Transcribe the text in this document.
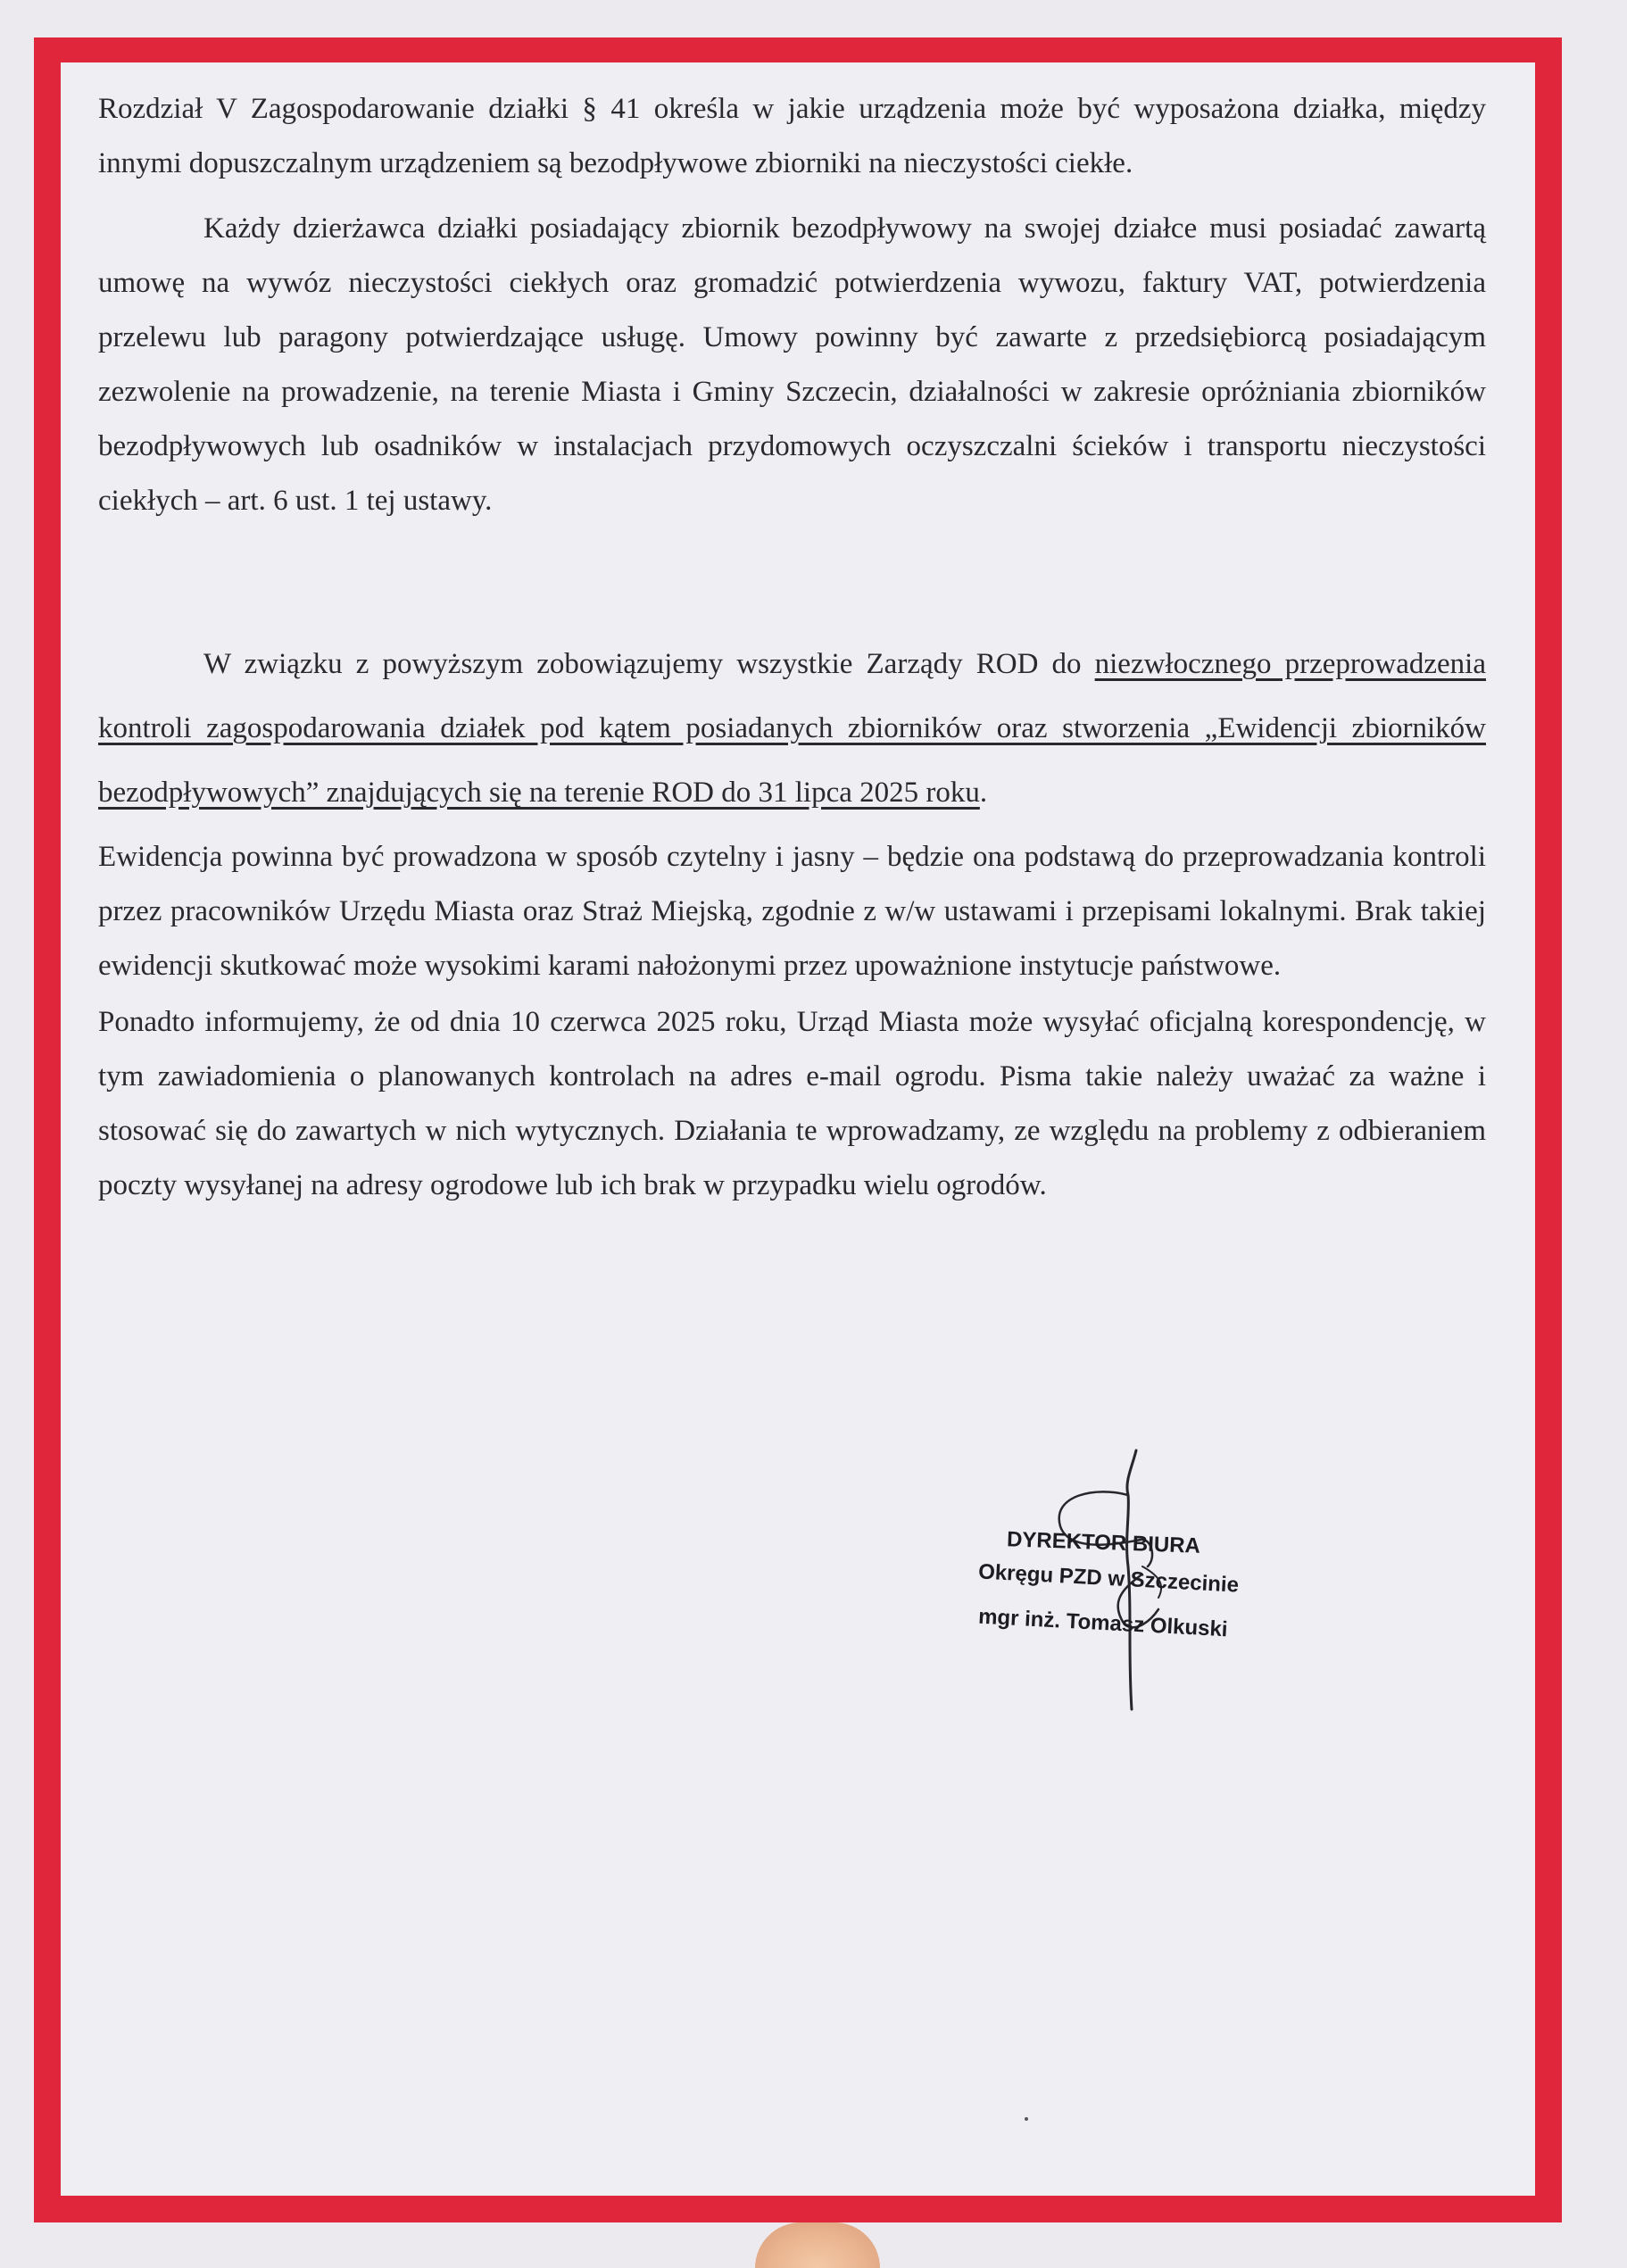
Rozdział V Zagospodarowanie działki § 41 określa w jakie urządzenia może być wyposażona działka, między innymi dopuszczalnym urządzeniem są bezodpływowe zbiorniki na nieczystości ciekłe.

Każdy dzierżawca działki posiadający zbiornik bezodpływowy na swojej działce musi posiadać zawartą umowę na wywóz nieczystości ciekłych oraz gromadzić potwierdzenia wywozu, faktury VAT, potwierdzenia przelewu lub paragony potwierdzające usługę. Umowy powinny być zawarte z przedsiębiorcą posiadającym zezwolenie na prowadzenie, na terenie Miasta i Gminy Szczecin, działalności w zakresie opróżniania zbiorników bezodpływowych lub osadników w instalacjach przydomowych oczyszczalni ścieków i transportu nieczystości ciekłych – art. 6 ust. 1 tej ustawy.

W związku z powyższym zobowiązujemy wszystkie Zarządy ROD do niezwłocznego przeprowadzenia kontroli zagospodarowania działek pod kątem posiadanych zbiorników oraz stworzenia „Ewidencji zbiorników bezodpływowych” znajdujących się na terenie ROD do 31 lipca 2025 roku.

Ewidencja powinna być prowadzona w sposób czytelny i jasny – będzie ona podstawą do przeprowadzania kontroli przez pracowników Urzędu Miasta oraz Straż Miejską, zgodnie z w/w ustawami i przepisami lokalnymi. Brak takiej ewidencji skutkować może wysokimi karami nałożonymi przez upoważnione instytucje państwowe.

Ponadto informujemy, że od dnia 10 czerwca 2025 roku, Urząd Miasta może wysyłać oficjalną korespondencję, w tym zawiadomienia o planowanych kontrolach na adres e-mail ogrodu. Pisma takie należy uważać za ważne i stosować się do zawartych w nich wytycznych. Działania te wprowadzamy, ze względu na problemy z odbieraniem poczty wysyłanej na adresy ogrodowe lub ich brak w przypadku wielu ogrodów.

DYREKTOR BIURA
Okręgu PZD w Szczecinie
mgr inż. Tomasz Olkuski
